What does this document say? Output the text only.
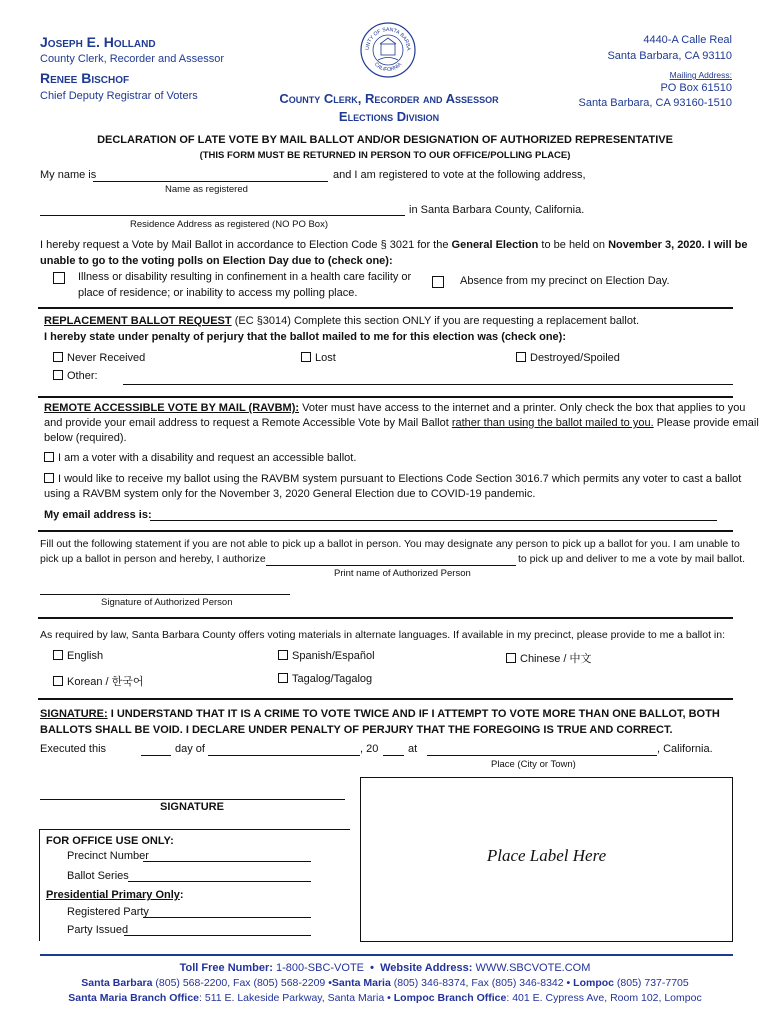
Joseph E. Holland
County Clerk, Recorder and Assessor
Renee Bischof
Chief Deputy Registrar of Voters
UNTY OF SANTA BARBA
CALIFORNIA
County Clerk, Recorder and Assessor
Elections Division
4440-A Calle Real
Santa Barbara, CA 93110
Mailing Address:
PO Box 61510
Santa Barbara, CA 93160-1510
DECLARATION OF LATE VOTE BY MAIL BALLOT AND/OR DESIGNATION OF AUTHORIZED REPRESENTATIVE
(THIS FORM MUST BE RETURNED IN PERSON TO OUR OFFICE/POLLING PLACE)
My name is	and I am registered to vote at the following address,
Name as registered
in Santa Barbara County, California.
Residence Address as registered (NO PO Box)
I hereby request a Vote by Mail Ballot in accordance to Election Code § 3021 for the General Election to be held on November 3, 2020. I will be
unable to go to the voting polls on Election Day due to (check one):
Illness or disability resulting in confinement in a health care facility or
place of residence; or inability to access my polling place.
Absence from my precinct on Election Day.
REPLACEMENT BALLOT REQUEST (EC §3014) Complete this section ONLY if you are requesting a replacement ballot.
I hereby state under penalty of perjury that the ballot mailed to me for this election was (check one):
Never Received	Lost	Destroyed/Spoiled
Other:
REMOTE ACCESSIBLE VOTE BY MAIL (RAVBM): Voter must have access to the internet and a printer. Only check the box that applies to you
and provide your email address to request a Remote Accessible Vote by Mail Ballot rather than using the ballot mailed to you. Please provide email
below (required).
I am a voter with a disability and request an accessible ballot.
I would like to receive my ballot using the RAVBM system pursuant to Elections Code Section 3016.7 which permits any voter to cast a ballot
using a RAVBM system only for the November 3, 2020 General Election due to COVID-19 pandemic.
My email address is:
Fill out the following statement if you are not able to pick up a ballot in person. You may designate any person to pick up a ballot for you. I am unable to
pick up a ballot in person and hereby, I authorize	to pick up and deliver to me a vote by mail ballot.
Print name of Authorized Person
Signature of Authorized Person
As required by law, Santa Barbara County offers voting materials in alternate languages. If available in my precinct, please provide to me a ballot in:
English	Spanish/Español	Chinese / 中文
Korean / 한국어	Tagalog/Tagalog
SIGNATURE: I UNDERSTAND THAT IT IS A CRIME TO VOTE TWICE AND IF I ATTEMPT TO VOTE MORE THAN ONE BALLOT, BOTH
BALLOTS SHALL BE VOID. I DECLARE UNDER PENALTY OF PERJURY THAT THE FOREGOING IS TRUE AND CORRECT.
Executed this	day of	, 20	at	, California.
Place (City or Town)
SIGNATURE
FOR OFFICE USE ONLY:
Precinct Number
Ballot Series
Presidential Primary Only:
Registered Party
Party Issued
Place Label Here
Toll Free Number: 1-800-SBC-VOTE • Website Address: WWW.SBCVOTE.COM
Santa Barbara (805) 568-2200, Fax (805) 568-2209 •Santa Maria (805) 346-8374, Fax (805) 346-8342 • Lompoc (805) 737-7705
Santa Maria Branch Office: 511 E. Lakeside Parkway, Santa Maria • Lompoc Branch Office: 401 E. Cypress Ave, Room 102, Lompoc
